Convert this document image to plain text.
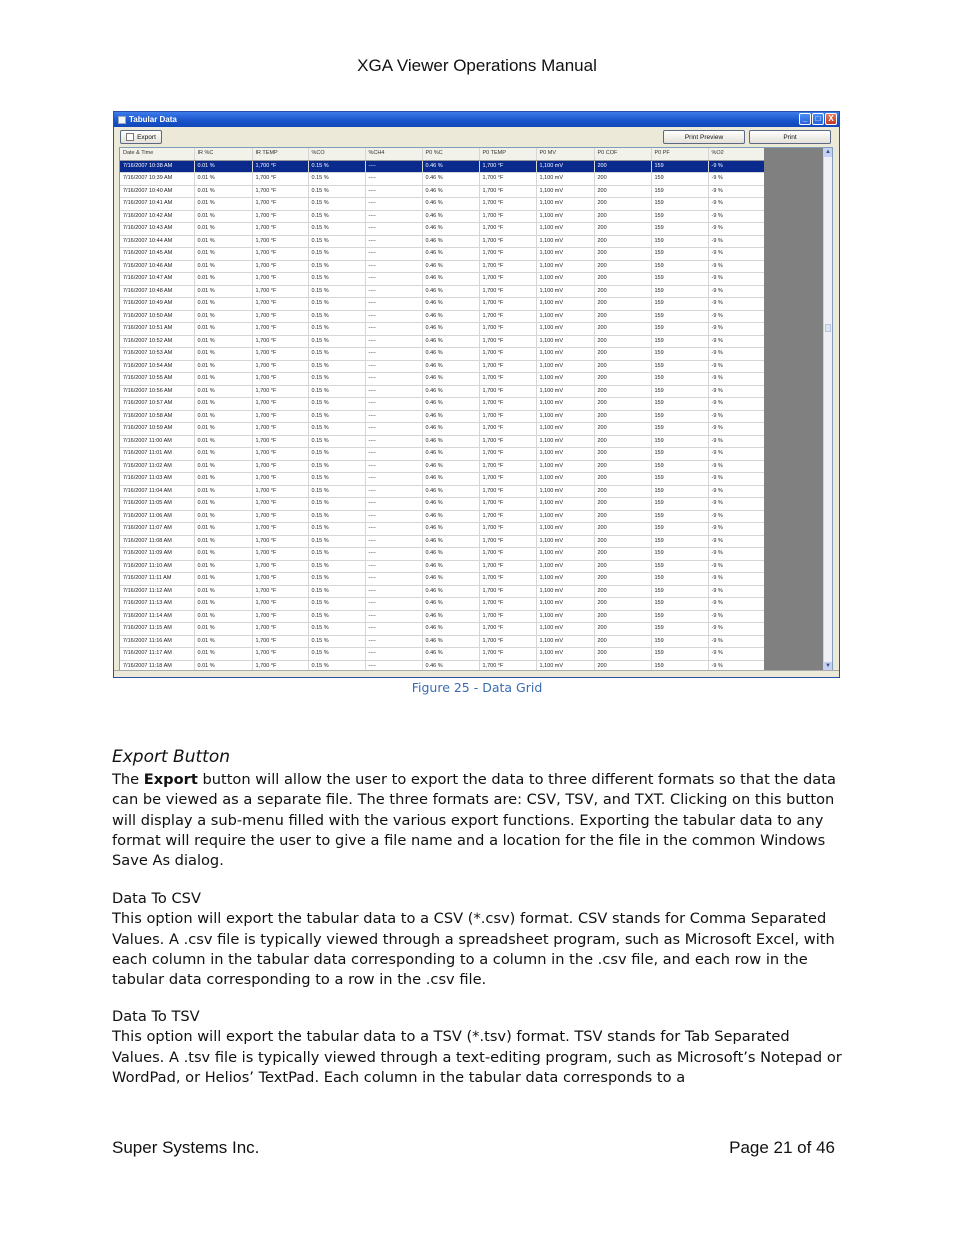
XGA Viewer Operations Manual
Tabular Data	_	□ X
Export	Print Preview	Print
Date & Time	IR %C	IR TEMP	%CO	%CH4	P0 %C	P0 TEMP	P0 MV	P0 COF	P0 PF	%O2
7/16/2007 10:38 AM	0.01 %	1,700 °F	0.15 %	----	0.46 %	1,700 °F	1,100 mV	200	159	-9 %
7/16/2007 10:39 AM	0.01 %	1,700 °F	0.15 %	----	0.46 %	1,700 °F	1,100 mV	200	159	-9 %
7/16/2007 10:40 AM	0.01 %	1,700 °F	0.15 %	----	0.46 %	1,700 °F	1,100 mV	200	159	-9 %
7/16/2007 10:41 AM	0.01 %	1,700 °F	0.15 %	----	0.46 %	1,700 °F	1,100 mV	200	159	-9 %
7/16/2007 10:42 AM	0.01 %	1,700 °F	0.15 %	----	0.46 %	1,700 °F	1,100 mV	200	159	-9 %
7/16/2007 10:43 AM	0.01 %	1,700 °F	0.15 %	----	0.46 %	1,700 °F	1,100 mV	200	159	-9 %
7/16/2007 10:44 AM	0.01 %	1,700 °F	0.15 %	----	0.46 %	1,700 °F	1,100 mV	200	159	-9 %
7/16/2007 10:45 AM	0.01 %	1,700 °F	0.15 %	----	0.46 %	1,700 °F	1,100 mV	200	159	-9 %
7/16/2007 10:46 AM	0.01 %	1,700 °F	0.15 %	----	0.46 %	1,700 °F	1,100 mV	200	159	-9 %
7/16/2007 10:47 AM	0.01 %	1,700 °F	0.15 %	----	0.46 %	1,700 °F	1,100 mV	200	159	-9 %
7/16/2007 10:48 AM	0.01 %	1,700 °F	0.15 %	----	0.46 %	1,700 °F	1,100 mV	200	159	-9 %
7/16/2007 10:49 AM	0.01 %	1,700 °F	0.15 %	----	0.46 %	1,700 °F	1,100 mV	200	159	-9 %
7/16/2007 10:50 AM	0.01 %	1,700 °F	0.15 %	----	0.46 %	1,700 °F	1,100 mV	200	159	-9 %
7/16/2007 10:51 AM	0.01 %	1,700 °F	0.15 %	----	0.46 %	1,700 °F	1,100 mV	200	159	-9 %
7/16/2007 10:52 AM	0.01 %	1,700 °F	0.15 %	----	0.46 %	1,700 °F	1,100 mV	200	159	-9 %
7/16/2007 10:53 AM	0.01 %	1,700 °F	0.15 %	----	0.46 %	1,700 °F	1,100 mV	200	159	-9 %
7/16/2007 10:54 AM	0.01 %	1,700 °F	0.15 %	----	0.46 %	1,700 °F	1,100 mV	200	159	-9 %
7/16/2007 10:55 AM	0.01 %	1,700 °F	0.15 %	----	0.46 %	1,700 °F	1,100 mV	200	159	-9 %
7/16/2007 10:56 AM	0.01 %	1,700 °F	0.15 %	----	0.46 %	1,700 °F	1,100 mV	200	159	-9 %
7/16/2007 10:57 AM	0.01 %	1,700 °F	0.15 %	----	0.46 %	1,700 °F	1,100 mV	200	159	-9 %
7/16/2007 10:58 AM	0.01 %	1,700 °F	0.15 %	----	0.46 %	1,700 °F	1,100 mV	200	159	-9 %
7/16/2007 10:59 AM	0.01 %	1,700 °F	0.15 %	----	0.46 %	1,700 °F	1,100 mV	200	159	-9 %
7/16/2007 11:00 AM	0.01 %	1,700 °F	0.15 %	----	0.46 %	1,700 °F	1,100 mV	200	159	-9 %
7/16/2007 11:01 AM	0.01 %	1,700 °F	0.15 %	----	0.46 %	1,700 °F	1,100 mV	200	159	-9 %
7/16/2007 11:02 AM	0.01 %	1,700 °F	0.15 %	----	0.46 %	1,700 °F	1,100 mV	200	159	-9 %
7/16/2007 11:03 AM	0.01 %	1,700 °F	0.15 %	----	0.46 %	1,700 °F	1,100 mV	200	159	-9 %
7/16/2007 11:04 AM	0.01 %	1,700 °F	0.15 %	----	0.46 %	1,700 °F	1,100 mV	200	159	-9 %
7/16/2007 11:05 AM	0.01 %	1,700 °F	0.15 %	----	0.46 %	1,700 °F	1,100 mV	200	159	-9 %
7/16/2007 11:06 AM	0.01 %	1,700 °F	0.15 %	----	0.46 %	1,700 °F	1,100 mV	200	159	-9 %
7/16/2007 11:07 AM	0.01 %	1,700 °F	0.15 %	----	0.46 %	1,700 °F	1,100 mV	200	159	-9 %
7/16/2007 11:08 AM	0.01 %	1,700 °F	0.15 %	----	0.46 %	1,700 °F	1,100 mV	200	159	-9 %
7/16/2007 11:09 AM	0.01 %	1,700 °F	0.15 %	----	0.46 %	1,700 °F	1,100 mV	200	159	-9 %
7/16/2007 11:10 AM	0.01 %	1,700 °F	0.15 %	----	0.46 %	1,700 °F	1,100 mV	200	159	-9 %
7/16/2007 11:11 AM	0.01 %	1,700 °F	0.15 %	----	0.46 %	1,700 °F	1,100 mV	200	159	-9 %
7/16/2007 11:12 AM	0.01 %	1,700 °F	0.15 %	----	0.46 %	1,700 °F	1,100 mV	200	159	-9 %
7/16/2007 11:13 AM	0.01 %	1,700 °F	0.15 %	----	0.46 %	1,700 °F	1,100 mV	200	159	-9 %
7/16/2007 11:14 AM	0.01 %	1,700 °F	0.15 %	----	0.46 %	1,700 °F	1,100 mV	200	159	-9 %
7/16/2007 11:15 AM	0.01 %	1,700 °F	0.15 %	----	0.46 %	1,700 °F	1,100 mV	200	159	-9 %
7/16/2007 11:16 AM	0.01 %	1,700 °F	0.15 %	----	0.46 %	1,700 °F	1,100 mV	200	159	-9 %
7/16/2007 11:17 AM	0.01 %	1,700 °F	0.15 %	----	0.46 %	1,700 °F	1,100 mV	200	159	-9 %
7/16/2007 11:18 AM	0.01 %	1,700 °F	0.15 %	----	0.46 %	1,700 °F	1,100 mV	200	159	-9 %
▲
▼
Figure 25 - Data Grid
Export Button
The Export button will allow the user to export the data to three different formats so that the data can be viewed as a separate file. The three formats are: CSV, TSV, and TXT. Clicking on this button will display a sub-menu filled with the various export functions. Exporting the tabular data to any format will require the user to give a file name and a location for the file in the common Windows Save As dialog.
Data To CSV
This option will export the tabular data to a CSV (*.csv) format. CSV stands for Comma Separated Values. A .csv file is typically viewed through a spreadsheet program, such as Microsoft Excel, with each column in the tabular data corresponding to a column in the .csv file, and each row in the tabular data corresponding to a row in the .csv file.
Data To TSV
This option will export the tabular data to a TSV (*.tsv) format. TSV stands for Tab Separated Values. A .tsv file is typically viewed through a text-editing program, such as Microsoft’s Notepad or WordPad, or Helios’ TextPad. Each column in the tabular data corresponds to a
Super Systems Inc.	Page 21 of 46
